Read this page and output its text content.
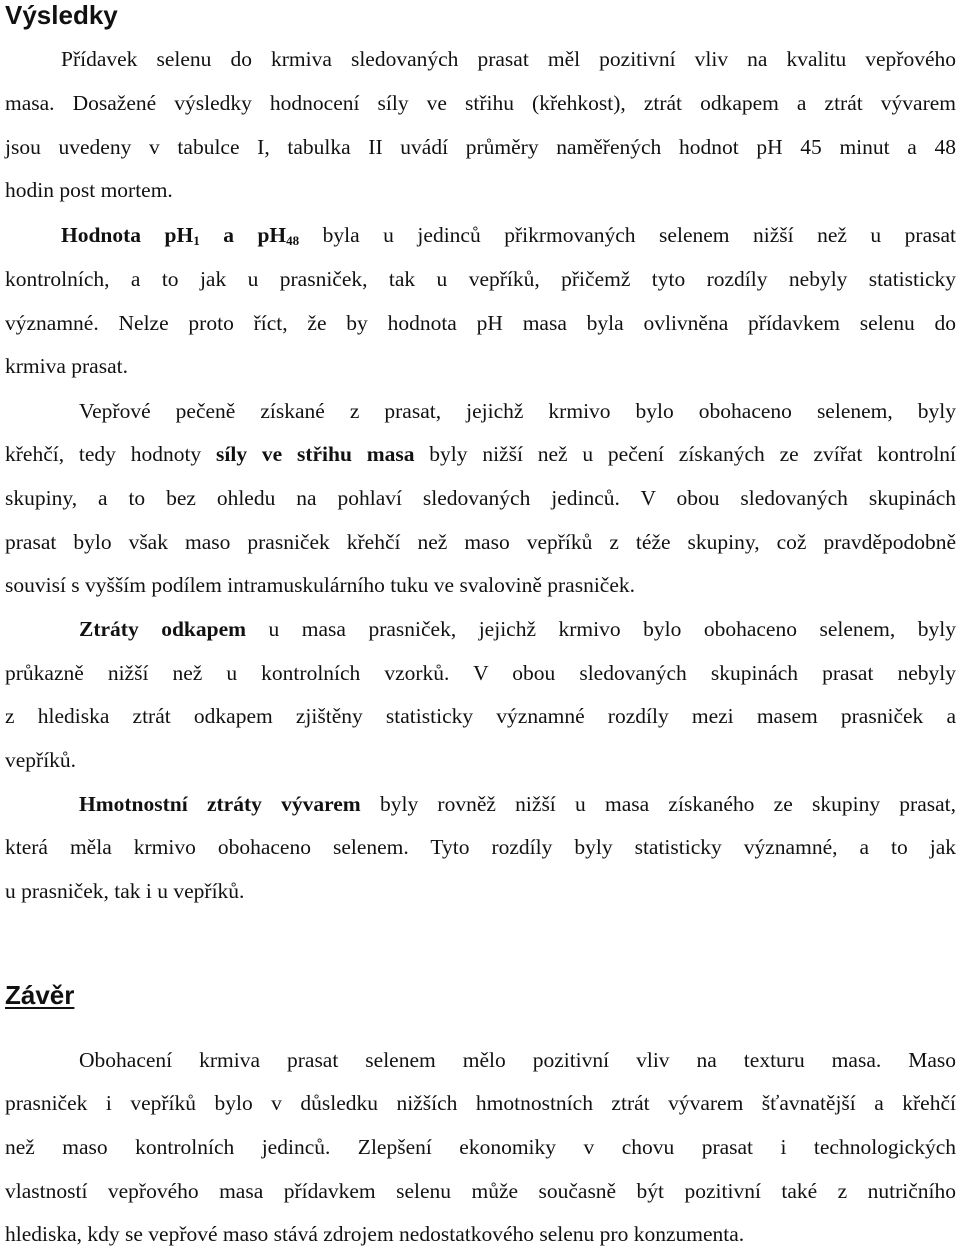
Výsledky
Přídavek selenu do krmiva sledovaných prasat měl pozitivní vliv na kvalitu vepřového
masa. Dosažené výsledky hodnocení síly ve střihu (křehkost), ztrát odkapem a ztrát vývarem
jsou uvedeny v tabulce I, tabulka II uvádí průměry naměřených hodnot pH 45 minut a 48
hodin post mortem.
Hodnota $pH_1$ a $pH_{48}$ byla u jedinců přikrmovaných selenem nižší než u prasat
kontrolních, a to jak u prasniček, tak u vepříků, přičemž tyto rozdíly nebyly statisticky
významné. Nelze proto říct, že by hodnota pH masa byla ovlivněna přídavkem selenu do
krmiva prasat.
Vepřové pečeně získané z prasat, jejichž krmivo bylo obohaceno selenem, byly
křehčí, tedy hodnoty síly ve střihu masa byly nižší než u pečení získaných ze zvířat kontrolní
skupiny, a to bez ohledu na pohlaví sledovaných jedinců. V obou sledovaných skupinách
prasat bylo však maso prasniček křehčí než maso vepříků z téže skupiny, což pravděpodobně
souvisí s vyšším podílem intramuskulárního tuku ve svalovině prasniček.
Ztráty odkapem u masa prasniček, jejichž krmivo bylo obohaceno selenem, byly
průkazně nižší než u kontrolních vzorků. V obou sledovaných skupinách prasat nebyly
z hlediska ztrát odkapem zjištěny statisticky významné rozdíly mezi masem prasniček a
vepříků.
Hmotnostní ztráty vývarem byly rovněž nižší u masa získaného ze skupiny prasat,
která měla krmivo obohaceno selenem. Tyto rozdíly byly statisticky významné, a to jak
u prasniček, tak i u vepříků.
Závěr
Obohacení krmiva prasat selenem mělo pozitivní vliv na texturu masa. Maso
prasniček i vepříků bylo v důsledku nižších hmotnostních ztrát vývarem šťavnatější a křehčí
než maso kontrolních jedinců. Zlepšení ekonomiky v chovu prasat i technologických
vlastností vepřového masa přídavkem selenu může současně být pozitivní také z nutričního
hlediska, kdy se vepřové maso stává zdrojem nedostatkového selenu pro konzumenta.
